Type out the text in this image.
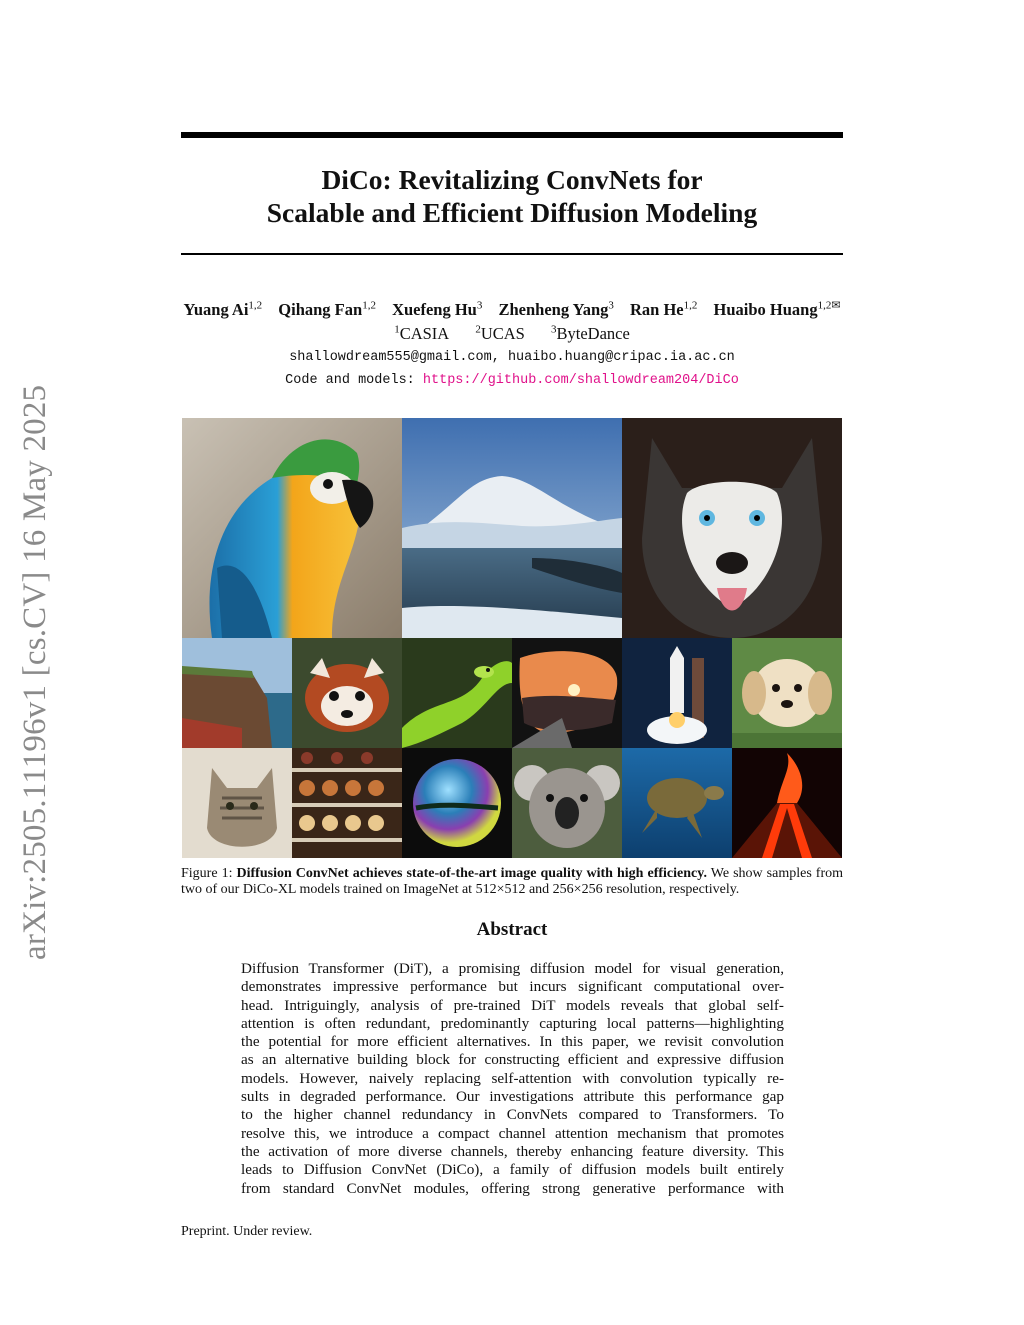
arXiv:2505.11196v1 [cs.CV] 16 May 2025
DiCo: Revitalizing ConvNets for
Scalable and Efficient Diffusion Modeling
Yuang Ai$^{1,2}$ Qihang Fan$^{1,2}$ Xuefeng Hu$^3$ Zhenheng Yang$^3$ Ran He$^{1,2}$ Huaibo Huang$^{1,2✉}$
$^1$CASIA $^2$UCAS $^3$ByteDance
shallowdream555@gmail.com, huaibo.huang@cripac.ia.ac.cn
Code and models: https://github.com/shallowdream204/DiCo
Figure 1: Diffusion ConvNet achieves state-of-the-art image quality with high efficiency. We show samples from two of our DiCo-XL models trained on ImageNet at 512×512 and 256×256 resolution, respectively.
Abstract
Diffusion Transformer (DiT), a promising diffusion model for visual generation,
demonstrates impressive performance but incurs significant computational over-
head. Intriguingly, analysis of pre-trained DiT models reveals that global self-
attention is often redundant, predominantly capturing local patterns—highlighting
the potential for more efficient alternatives. In this paper, we revisit convolution
as an alternative building block for constructing efficient and expressive diffusion
models. However, naively replacing self-attention with convolution typically re-
sults in degraded performance. Our investigations attribute this performance gap
to the higher channel redundancy in ConvNets compared to Transformers. To
resolve this, we introduce a compact channel attention mechanism that promotes
the activation of more diverse channels, thereby enhancing feature diversity. This
leads to Diffusion ConvNet (DiCo), a family of diffusion models built entirely
from standard ConvNet modules, offering strong generative performance with
Preprint. Under review.
